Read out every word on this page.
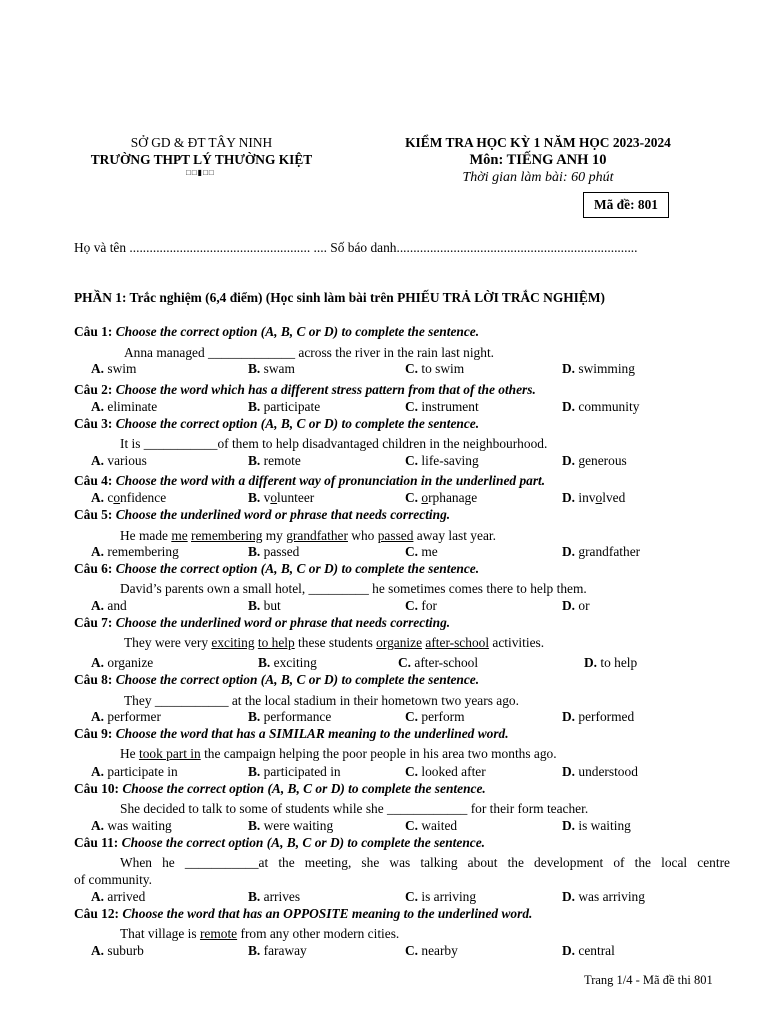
SỞ GD & ĐT TÂY NINH
TRƯỜNG THPT LÝ THƯỜNG KIỆT
□□▮□□
KIỂM TRA HỌC KỲ 1 NĂM HỌC 2023-2024
Môn: TIẾNG ANH 10
Thời gian làm bài: 60 phút
Mã đề: 801
Họ và tên ...................................................... .... Số báo danh........................................................................
PHẦN 1: Trắc nghiệm (6,4 điểm) (Học sinh làm bài trên PHIẾU TRẢ LỜI TRẮC NGHIỆM)
Câu 1: Choose the correct option (A, B, C or D) to complete the sentence.
Anna managed _____________ across the river in the rain last night.
A. swim	B. swam	C. to swim	D. swimming
Câu 2: Choose the word which has a different stress pattern from that of the others.
A. eliminate	B. participate	C. instrument	D. community
Câu 3: Choose the correct option (A, B, C or D) to complete the sentence.
It is ___________of them to help disadvantaged children in the neighbourhood.
A. various	B. remote	C. life-saving	D. generous
Câu 4: Choose the word with a different way of pronunciation in the underlined part.
A. confidence	B. volunteer	C. orphanage	D. involved
Câu 5: Choose the underlined word or phrase that needs correcting.
He made me remembering my grandfather who passed away last year.
A. remembering	B. passed	C. me	D. grandfather
Câu 6: Choose the correct option (A, B, C or D) to complete the sentence.
David’s parents own a small hotel, _________ he sometimes comes there to help them.
A. and	B. but	C. for	D. or
Câu 7: Choose the underlined word or phrase that needs correcting.
They were very exciting to help these students organize after-school activities.
A. organize	B. exciting	C. after-school	D. to help
Câu 8: Choose the correct option (A, B, C or D) to complete the sentence.
They ___________ at the local stadium in their hometown two years ago.
A. performer	B. performance	C. perform	D. performed
Câu 9: Choose the word that has a SIMILAR meaning to the underlined word.
He took part in the campaign helping the poor people in his area two months ago.
A. participate in	B. participated in	C. looked after	D. understood
Câu 10: Choose the correct option (A, B, C or D) to complete the sentence.
She decided to talk to some of students while she ____________ for their form teacher.
A. was waiting	B. were waiting	C. waited	D. is waiting
Câu 11: Choose the correct option (A, B, C or D) to complete the sentence.
When he ___________at the meeting, she was talking about the development of the local centre
of community.
A. arrived	B. arrives	C. is arriving	D. was arriving
Câu 12: Choose the word that has an OPPOSITE meaning to the underlined word.
That village is remote from any other modern cities.
A. suburb	B. faraway	C. nearby	D. central
Trang 1/4 - Mã đề thi 801
